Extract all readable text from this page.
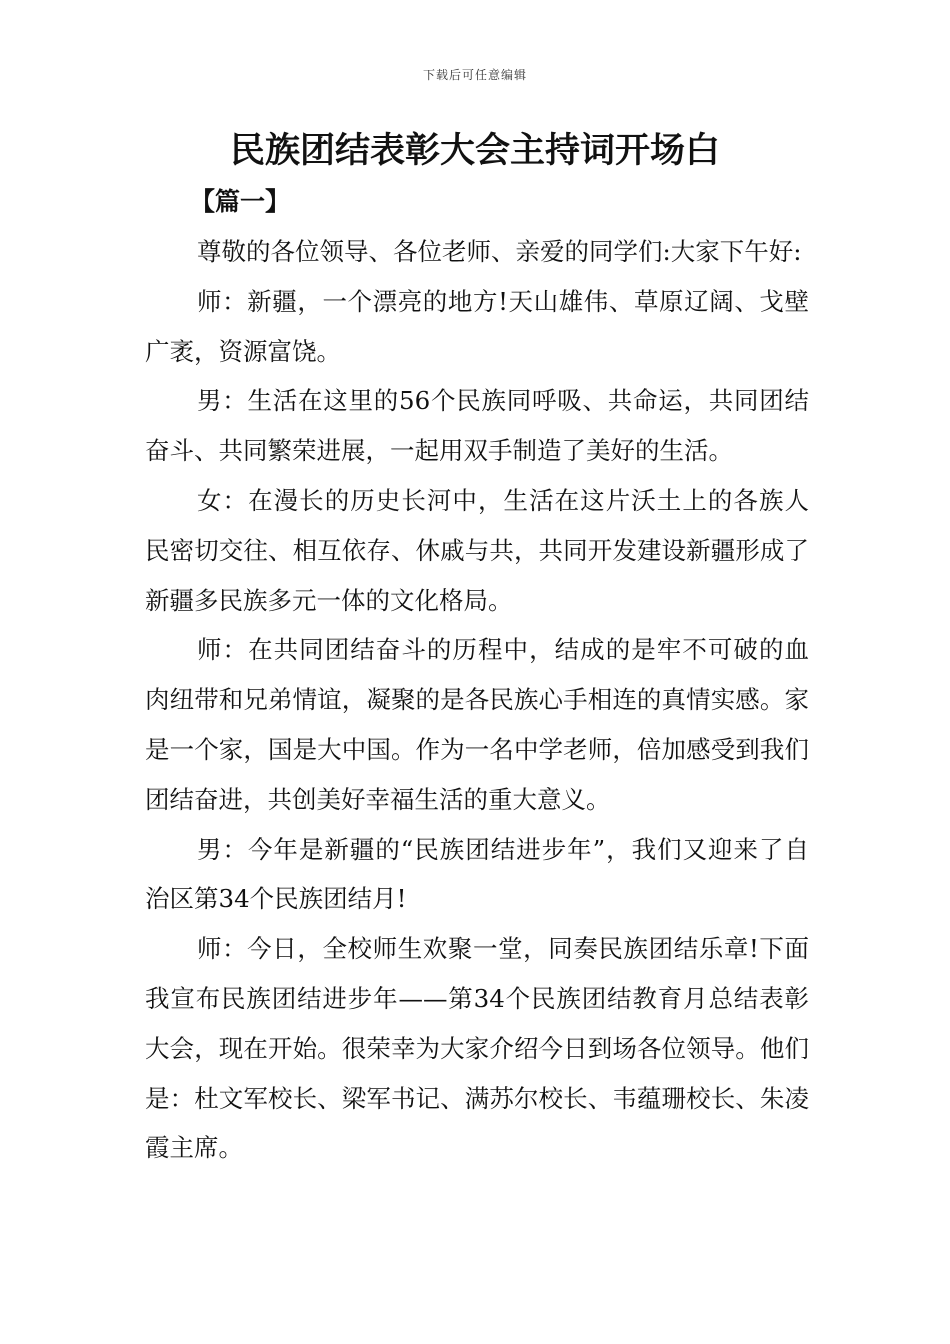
下载后可任意编辑
民族团结表彰大会主持词开场白
【篇一】

尊敬的各位领导、各位老师、亲爱的同学们:大家下午好:

师：新疆，一个漂亮的地方!天山雄伟、草原辽阔、戈壁广袤，资源富饶。

男：生活在这里的56个民族同呼吸、共命运，共同团结奋斗、共同繁荣进展，一起用双手制造了美好的生活。

女：在漫长的历史长河中，生活在这片沃土上的各族人民密切交往、相互依存、休戚与共，共同开发建设新疆形成了新疆多民族多元一体的文化格局。

师：在共同团结奋斗的历程中，结成的是牢不可破的血肉纽带和兄弟情谊，凝聚的是各民族心手相连的真情实感。家是一个家，国是大中国。作为一名中学老师，倍加感受到我们团结奋进，共创美好幸福生活的重大意义。

男：今年是新疆的“民族团结进步年”，我们又迎来了自治区第34个民族团结月!

师：今日，全校师生欢聚一堂，同奏民族团结乐章!下面我宣布民族团结进步年——第34个民族团结教育月总结表彰大会，现在开始。很荣幸为大家介绍今日到场各位领导。他们是：杜文军校长、梁军书记、满苏尔校长、韦蕴珊校长、朱凌霞主席。
